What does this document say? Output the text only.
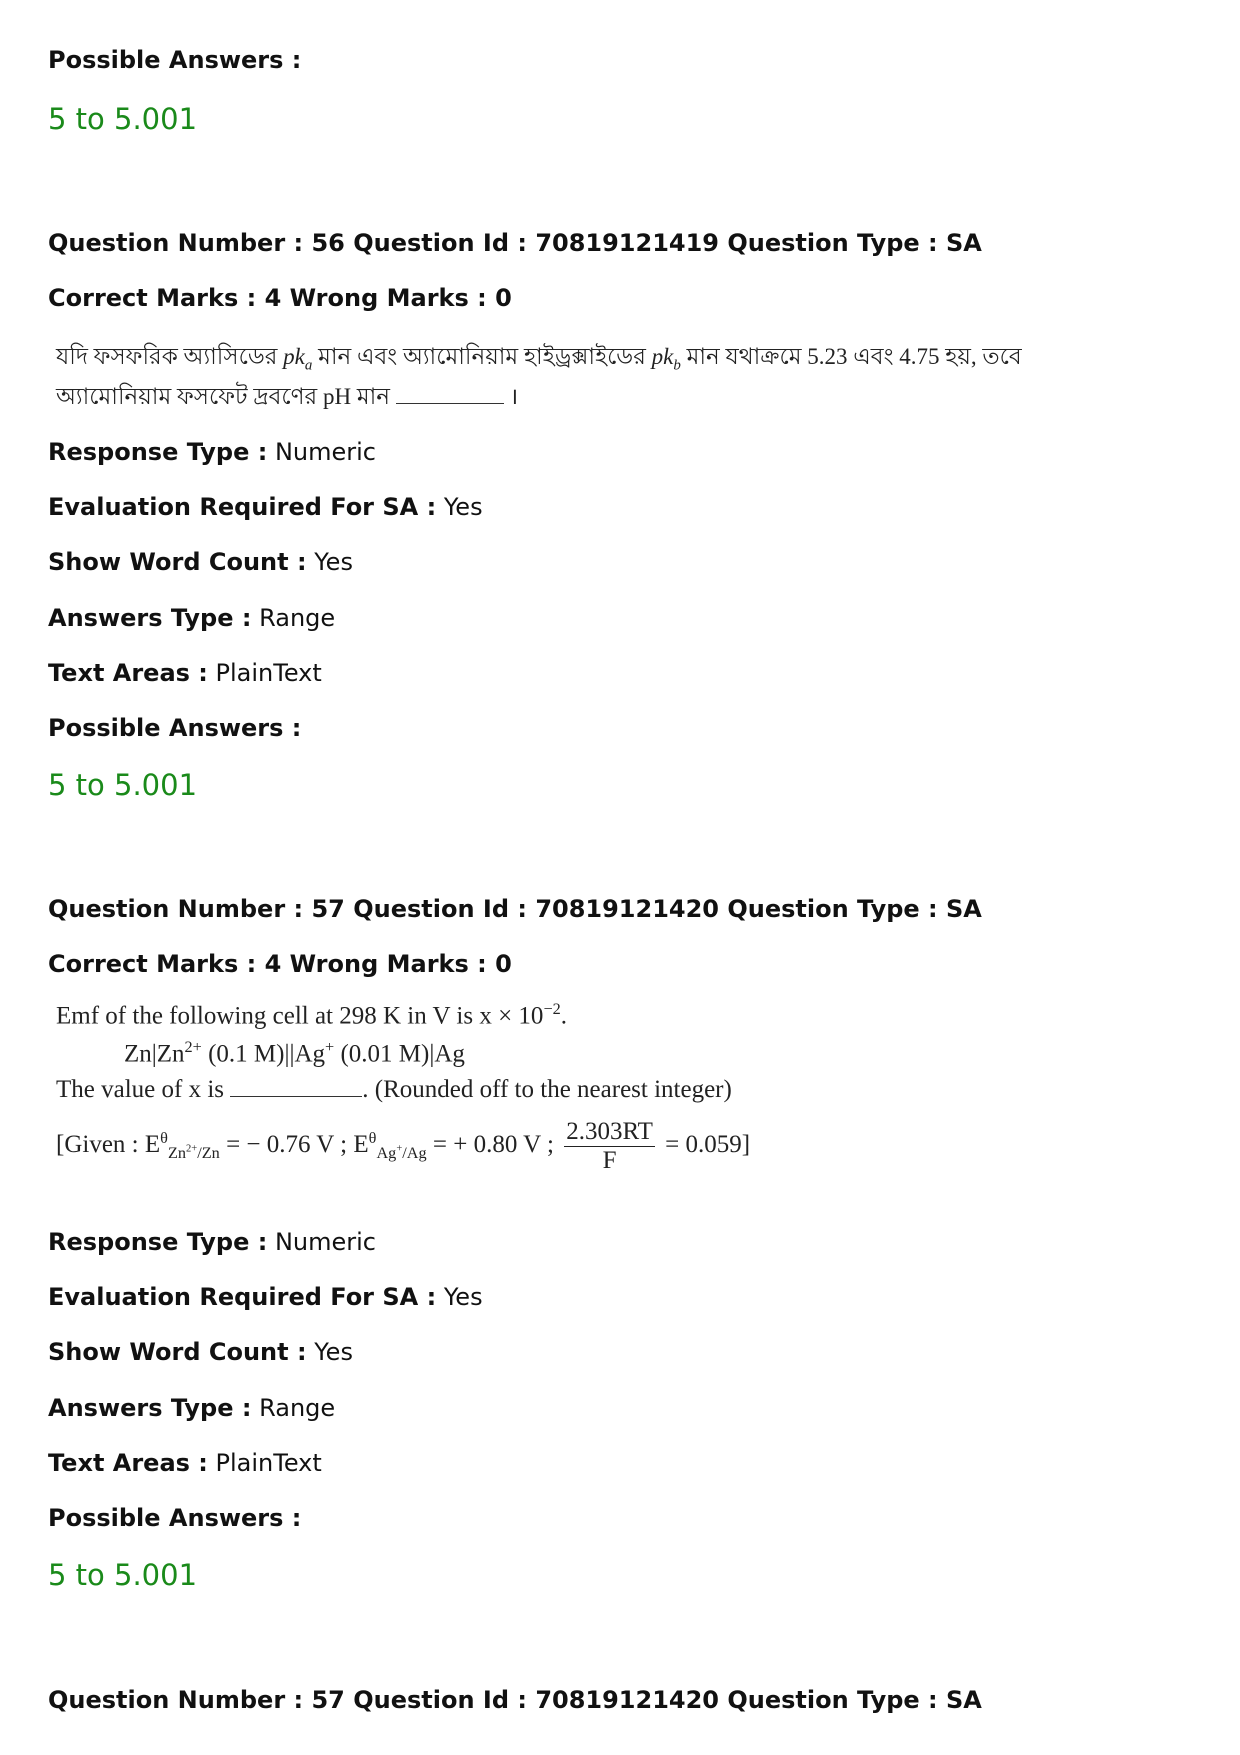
Possible Answers :
5 to 5.001
Question Number : 56 Question Id : 70819121419 Question Type : SA
Correct Marks : 4 Wrong Marks : 0
যদি ফসফরিক অ্যাসিডের $pk_a$ মান এবং অ্যামোনিয়াম হাইড্রক্সাইডের $pk_b$ মান যথাক্রমে 5.23 এবং 4.75 হয়, তবে
অ্যামোনিয়াম ফসফেট দ্রবণের pH মান	।
Response Type : Numeric
Evaluation Required For SA : Yes
Show Word Count : Yes
Answers Type : Range
Text Areas : PlainText
Possible Answers :
5 to 5.001
Question Number : 57 Question Id : 70819121420 Question Type : SA
Correct Marks : 4 Wrong Marks : 0
Emf of the following cell at 298 K in V is $x \times 10^{-2}$.
$Zn|Zn^{2+}$ (0.1 M)||Ag+ (0.01 M)|Ag
The value of x is	. (Rounded off to the nearest integer)
[Given : $E^\theta_{Zn^{2+}/Zn}$ = − 0.76 V ; $E^\theta_{Ag^+/Ag}$ = + 0.80 V ; $\frac{2.303RT}{F} = 0.059$]
Response Type : Numeric
Evaluation Required For SA : Yes
Show Word Count : Yes
Answers Type : Range
Text Areas : PlainText
Possible Answers :
5 to 5.001
Question Number : 57 Question Id : 70819121420 Question Type : SA
